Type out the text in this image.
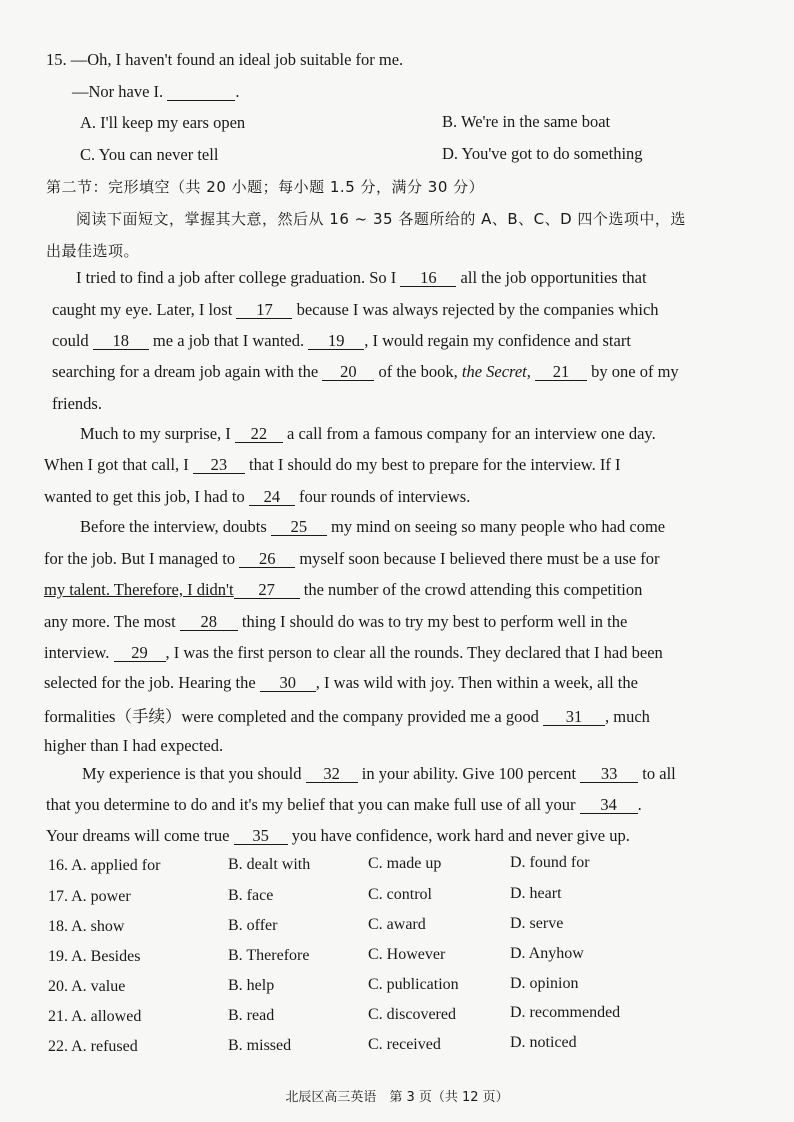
15. —Oh, I haven't found an ideal job suitable for me.
—Nor have I.	.
A. I'll keep my ears open	B. We're in the same boat
C. You can never tell	D. You've got to do something
第二节：完形填空（共 20 小题；每小题 1.5 分，满分 30 分）
阅读下面短文，掌握其大意，然后从 16 ~ 35 各题所给的 A、B、C、D 四个选项中，选
出最佳选项。
I tried to find a job after college graduation. So I 16 all the job opportunities that
caught my eye. Later, I lost 17 because I was always rejected by the companies which
could 18 me a job that I wanted. 19 , I would regain my confidence and start
searching for a dream job again with the 20 of the book, the Secret, 21 by one of my
friends.
Much to my surprise, I 22 a call from a famous company for an interview one day.
When I got that call, I 23 that I should do my best to prepare for the interview. If I
wanted to get this job, I had to 24 four rounds of interviews.
Before the interview, doubts 25 my mind on seeing so many people who had come
for the job. But I managed to 26 myself soon because I believed there must be a use for
my talent. Therefore, I didn't 27 the number of the crowd attending this competition
any more. The most 28 thing I should do was to try my best to perform well in the
interview. 29 , I was the first person to clear all the rounds. They declared that I had been
selected for the job. Hearing the 30 , I was wild with joy. Then within a week, all the
formalities（手续）were completed and the company provided me a good 31 , much
higher than I had expected.
My experience is that you should 32 in your ability. Give 100 percent 33 to all
that you determine to do and it's my belief that you can make full use of all your 34 .
Your dreams will come true 35 you have confidence, work hard and never give up.
16. A. applied for	B. dealt with	C. made up	D. found for
17. A. power	B. face	C. control	D. heart
18. A. show	B. offer	C. award	D. serve
19. A. Besides	B. Therefore	C. However	D. Anyhow
20. A. value	B. help	C. publication	D. opinion
21. A. allowed	B. read	C. discovered	D. recommended
22. A. refused	B. missed	C. received	D. noticed
北辰区高三英语　第 3 页（共 12 页）
